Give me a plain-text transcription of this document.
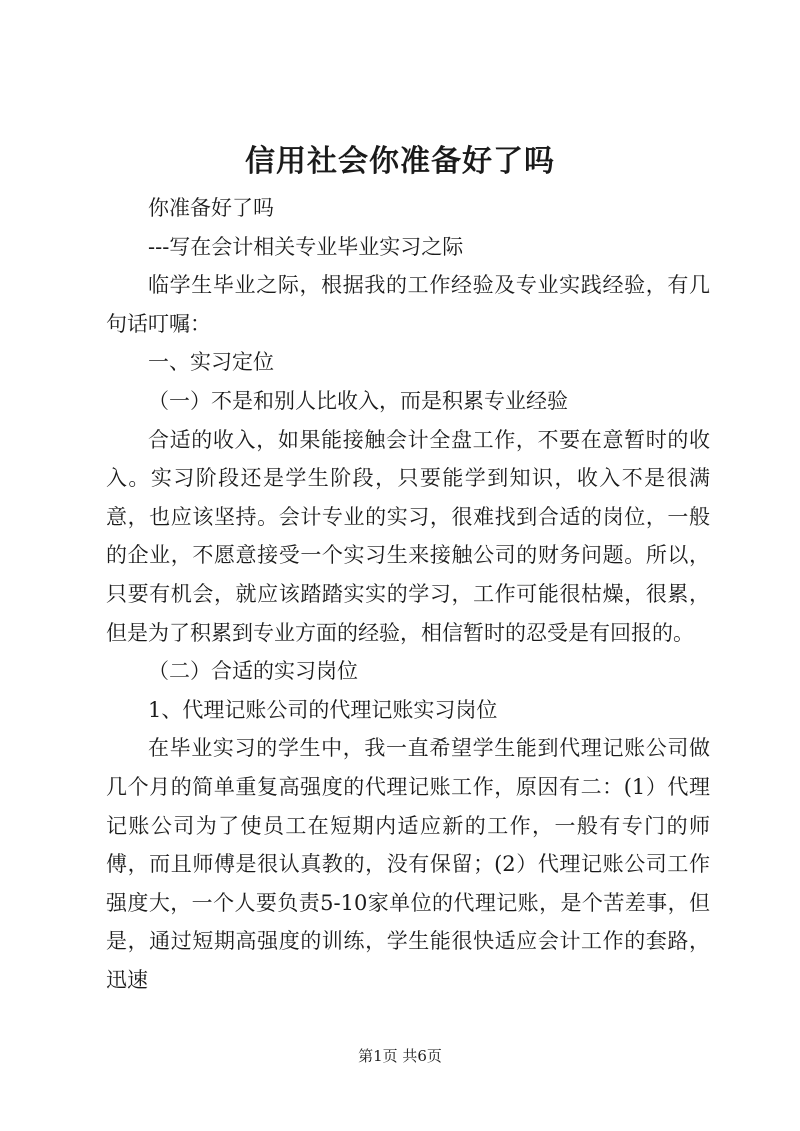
信用社会你准备好了吗

你准备好了吗

---写在会计相关专业毕业实习之际

临学生毕业之际，根据我的工作经验及专业实践经验，有几句话叮嘱：

一、实习定位

（一）不是和别人比收入，而是积累专业经验

合适的收入，如果能接触会计全盘工作，不要在意暂时的收入。实习阶段还是学生阶段，只要能学到知识，收入不是很满意，也应该坚持。会计专业的实习，很难找到合适的岗位，一般的企业，不愿意接受一个实习生来接触公司的财务问题。所以，只要有机会，就应该踏踏实实的学习，工作可能很枯燥，很累，但是为了积累到专业方面的经验，相信暂时的忍受是有回报的。

（二）合适的实习岗位

1、代理记账公司的代理记账实习岗位

在毕业实习的学生中，我一直希望学生能到代理记账公司做几个月的简单重复高强度的代理记账工作，原因有二：(1）代理记账公司为了使员工在短期内适应新的工作，一般有专门的师傅，而且师傅是很认真教的，没有保留；(2）代理记账公司工作强度大，一个人要负责5-10家单位的代理记账，是个苦差事，但是，通过短期高强度的训练，学生能很快适应会计工作的套路，迅速

第1页 共6页
